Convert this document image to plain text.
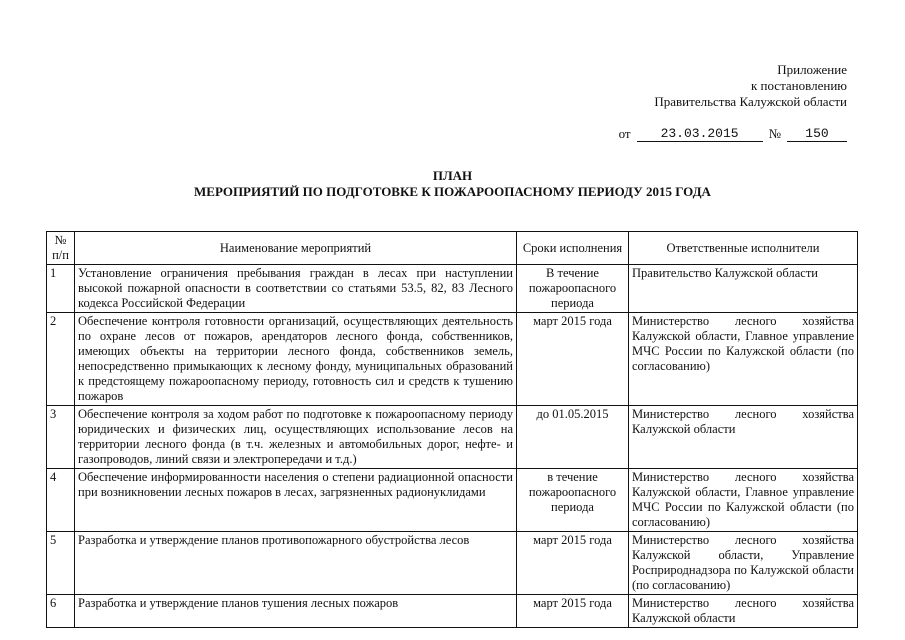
Приложение
к постановлению
Правительства Калужской области
от	23.03.2015	№	150
ПЛАН
МЕРОПРИЯТИЙ ПО ПОДГОТОВКЕ К ПОЖАРООПАСНОМУ ПЕРИОДУ 2015 ГОДА
№ п/п	Наименование мероприятий	Сроки исполнения	Ответственные исполнители
1	Установление ограничения пребывания граждан в лесах при наступлении высокой пожарной опасности в соответствии со статьями 53.5, 82, 83 Лесного кодекса Российской Федерации	В течение пожароопасного периода	Правительство Калужской области
2	Обеспечение контроля готовности организаций, осуществляющих деятельность по охране лесов от пожаров, арендаторов лесного фонда, собственников, имеющих объекты на территории лесного фонда, собственников земель, непосредственно примыкающих к лесному фонду, муниципальных образований к предстоящему пожароопасному периоду, готовность сил и средств к тушению пожаров	март 2015 года	Министерство лесного хозяйства Калужской области, Главное управление МЧС России по Калужской области (по согласованию)
3	Обеспечение контроля за ходом работ по подготовке к пожароопасному периоду юридических и физических лиц, осуществляющих использование лесов на территории лесного фонда (в т.ч. железных и автомобильных дорог, нефте- и газопроводов, линий связи и электропередачи и т.д.)	до 01.05.2015	Министерство лесного хозяйства Калужской области
4	Обеспечение информированности населения о степени радиационной опасности при возникновении лесных пожаров в лесах, загрязненных радионуклидами	в течение пожароопасного периода	Министерство лесного хозяйства Калужской области, Главное управление МЧС России по Калужской области (по согласованию)
5	Разработка и утверждение планов противопожарного обустройства лесов	март 2015 года	Министерство лесного хозяйства Калужской области, Управление Росприроднадзора по Калужской области (по согласованию)
6	Разработка и утверждение планов тушения лесных пожаров	март 2015 года	Министерство лесного хозяйства Калужской области
